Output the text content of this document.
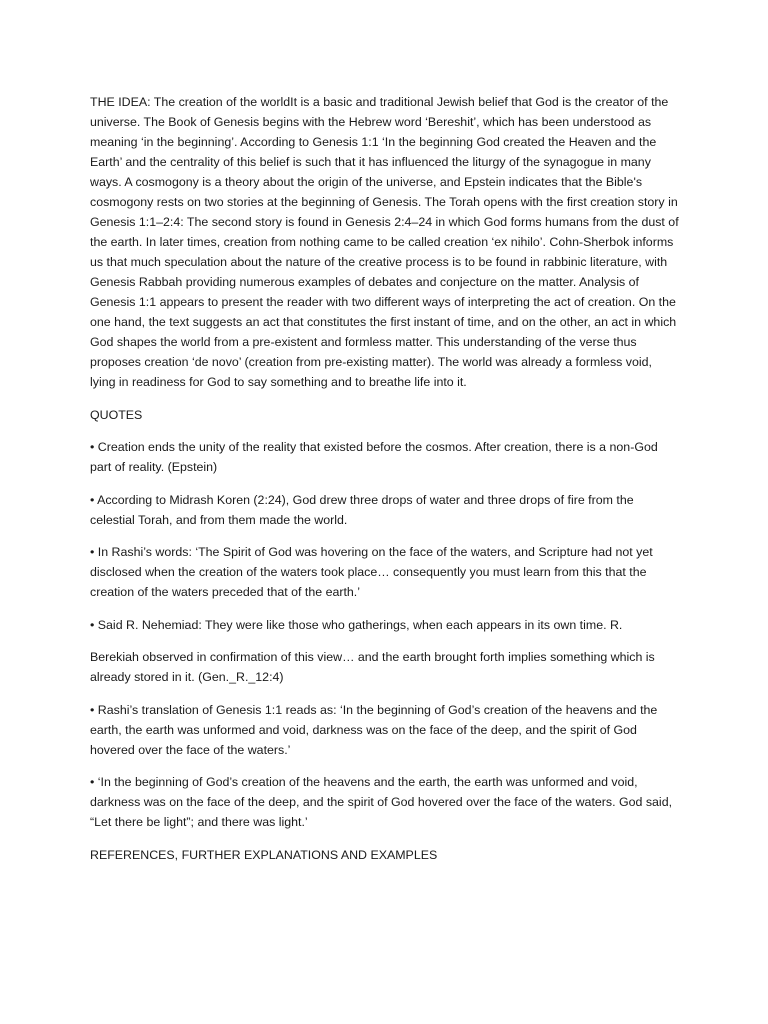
THE IDEA: The creation of the worldIt is a basic and traditional Jewish belief that God is the creator of the universe. The Book of Genesis begins with the Hebrew word ‘Bereshit’, which has been understood as meaning ‘in the beginning’. According to Genesis 1:1 ‘In the beginning God created the Heaven and the Earth’ and the centrality of this belief is such that it has influenced the liturgy of the synagogue in many ways. A cosmogony is a theory about the origin of the universe, and Epstein indicates that the Bible's cosmogony rests on two stories at the beginning of Genesis. The Torah opens with the first creation story in Genesis 1:1–2:4: The second story is found in Genesis 2:4–24 in which God forms humans from the dust of the earth. In later times, creation from nothing came to be called creation ‘ex nihilo’. Cohn-Sherbok informs us that much speculation about the nature of the creative process is to be found in rabbinic literature, with Genesis Rabbah providing numerous examples of debates and conjecture on the matter. Analysis of Genesis 1:1 appears to present the reader with two different ways of interpreting the act of creation. On the one hand, the text suggests an act that constitutes the first instant of time, and on the other, an act in which God shapes the world from a pre-existent and formless matter. This understanding of the verse thus proposes creation ‘de novo’ (creation from pre-existing matter). The world was already a formless void, lying in readiness for God to say something and to breathe life into it.

QUOTES

• Creation ends the unity of the reality that existed before the cosmos. After creation, there is a non-God part of reality. (Epstein)

• According to Midrash Koren (2:24), God drew three drops of water and three drops of fire from the celestial Torah, and from them made the world.

• In Rashi’s words: ‘The Spirit of God was hovering on the face of the waters, and Scripture had not yet disclosed when the creation of the waters took place… consequently you must learn from this that the creation of the waters preceded that of the earth.’

• Said R. Nehemiad: They were like those who gatherings, when each appears in its own time. R.

Berekiah observed in confirmation of this view… and the earth brought forth implies something which is already stored in it. (Gen._R._12:4)

• Rashi’s translation of Genesis 1:1 reads as: ‘In the beginning of God’s creation of the heavens and the earth, the earth was unformed and void, darkness was on the face of the deep, and the spirit of God hovered over the face of the waters.’

• ‘In the beginning of God’s creation of the heavens and the earth, the earth was unformed and void, darkness was on the face of the deep, and the spirit of God hovered over the face of the waters. God said, “Let there be light”; and there was light.’

REFERENCES, FURTHER EXPLANATIONS AND EXAMPLES
